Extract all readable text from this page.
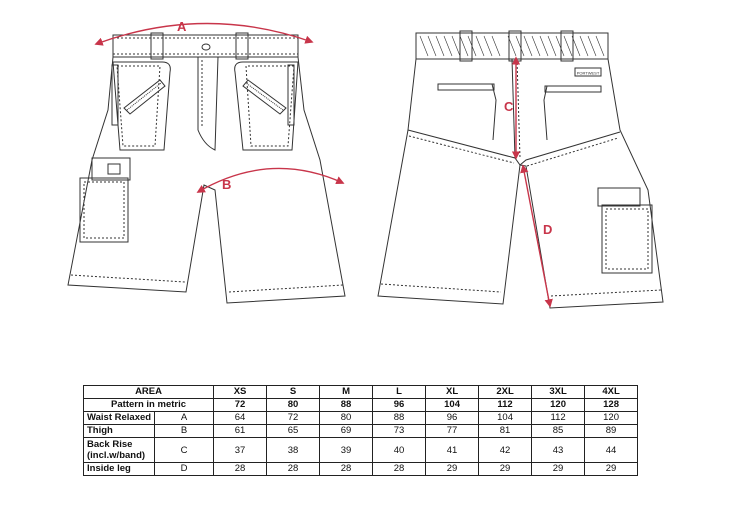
PORTWEST
A
B
C
D
AREA		XS	S	M	L	XL	2XL	3XL	4XL
Pattern in metric		72	80	88	96	104	112	120	128
Waist Relaxed	A	64	72	80	88	96	104	112	120
Thigh	B	61	65	69	73	77	81	85	89
Back Rise
(incl.w/band)	C	37	38	39	40	41	42	43	44
Inside leg	D	28	28	28	28	29	29	29	29
